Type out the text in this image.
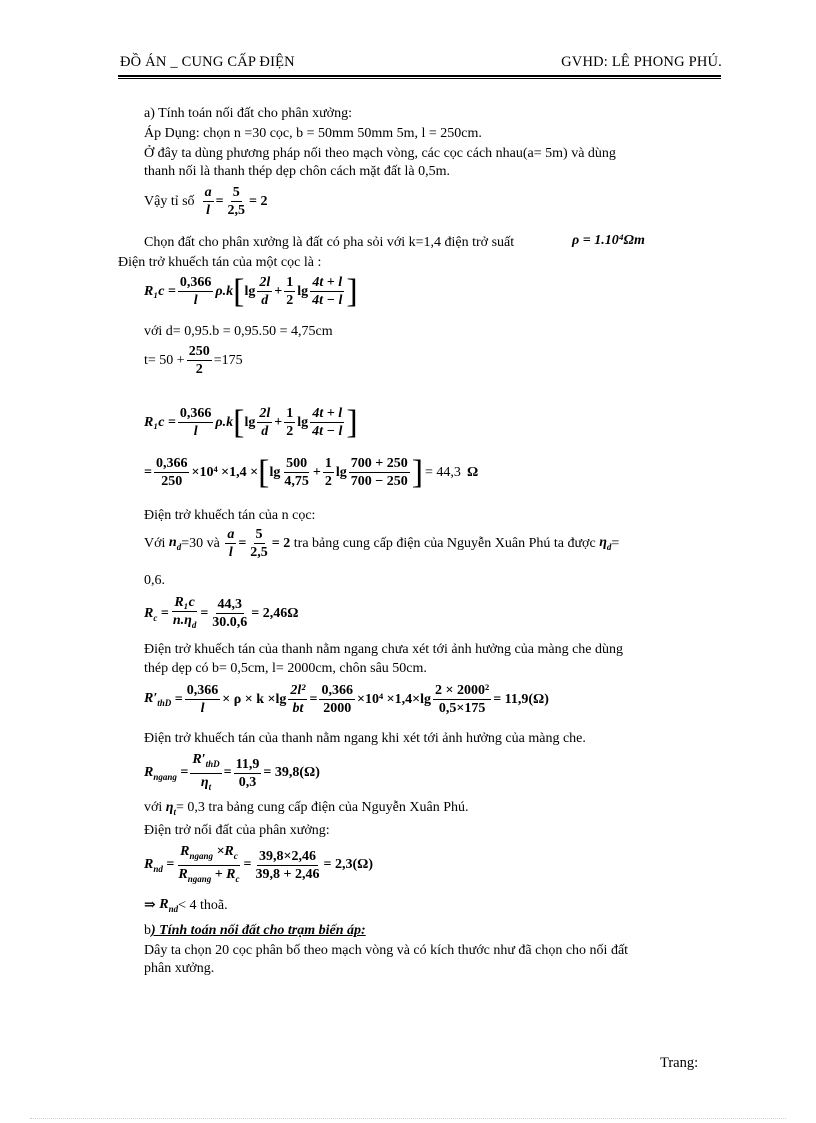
ĐỒ ÁN _ CUNG CẤP ĐIỆN	GVHD: LÊ PHONG PHÚ.
a) Tính toán nối đất cho phân xưởng:
Áp Dụng: chọn n =30 cọc, b = 50mm 50mm 5m, l = 250cm.
Ở đây ta dùng phương pháp nối theo mạch vòng, các cọc cách nhau(a= 5m) và dùng
thanh nối là thanh thép dẹp chôn cách mặt đất là 0,5m.
Vậy tỉ số $\frac{a}{l} = \frac{5}{2,5} = 2$
Chọn đất cho phân xưởng là đất có pha sỏi với k=1,4 điện trở suất	ρ = 1.10⁴Ωm
Điện trở khuếch tán của một cọc là :
$R_1c = \frac{0,366}{l} \rho.k$ [ $\lg \frac{2l}{d} + \frac{1}{2}$ $\lg \frac{4t + l}{4t - l}$ ]
với d= 0,95.b = 0,95.50 = 4,75cm
$t= 50 + \frac{250}{2} =175$
$R_1c = \frac{0,366}{l} \rho.k$ [ $\lg \frac{2l}{d} + \frac{1}{2}$ $\lg \frac{4t + l}{4t - l}$ ]
= $\frac{0,366}{250} \times 10^4 \times 1,4$ × [ $\lg \frac{500}{4,75} + \frac{1}{2}$ $\lg \frac{700 + 250}{700 - 250}$ ] = 44,3 Ω
Điện trở khuếch tán của n cọc:
Với
$n_d =30$ và
$\frac{a}{l} = \frac{5}{2,5} = 2$
tra bảng cung cấp điện của Nguyễn Xuân Phú ta được
$\eta_d$ =
0,6.
$R_c = \frac{\text{R₁c}}{n.\eta_d} = \frac{44,3}{30.0,6} = 2,46\Omega$
Điện trở khuếch tán của thanh nằm ngang chưa xét tới ảnh hưởng của màng che dùng
thép dẹp có b= 0,5cm, l= 2000cm, chôn sâu 50cm.
$R'_{thD} = \frac{0,366}{l} \times \rho \times k \times\lg \frac{\text{2l²}}{bt} = \frac{0,366}{2000} \times 10^4 \times 1,4\times\lg \frac{\text{2 × 2000²}}{0,5\times 175} = 11,9(\Omega)$
Điện trở khuếch tán của thanh nằm ngang khi xét tới ảnh hưởng của màng che.
$R_{ngang} = \frac{R'_{thD}}{\eta_t} = \frac{11,9}{0,3} = 39,8(\Omega)$
với
$\eta_t = 0,3$ tra bảng cung cấp điện của Nguyễn Xuân Phú.
Điện trở nối đất của phân xưởng:
$R_{nd} = \frac{R_{ngang} \times R_c}{R_{ngang} + R_c} = \frac{39,8\times 2,46}{39,8 + 2,46} = 2,3(\Omega)$
⇒
$R_{nd} < 4$ thoã.
b) Tính toán nối đất cho trạm biến áp:
Dây ta chọn 20 cọc phân bố theo mạch vòng và có kích thước như đã chọn cho nối đất
phân xưởng.
Trang:
